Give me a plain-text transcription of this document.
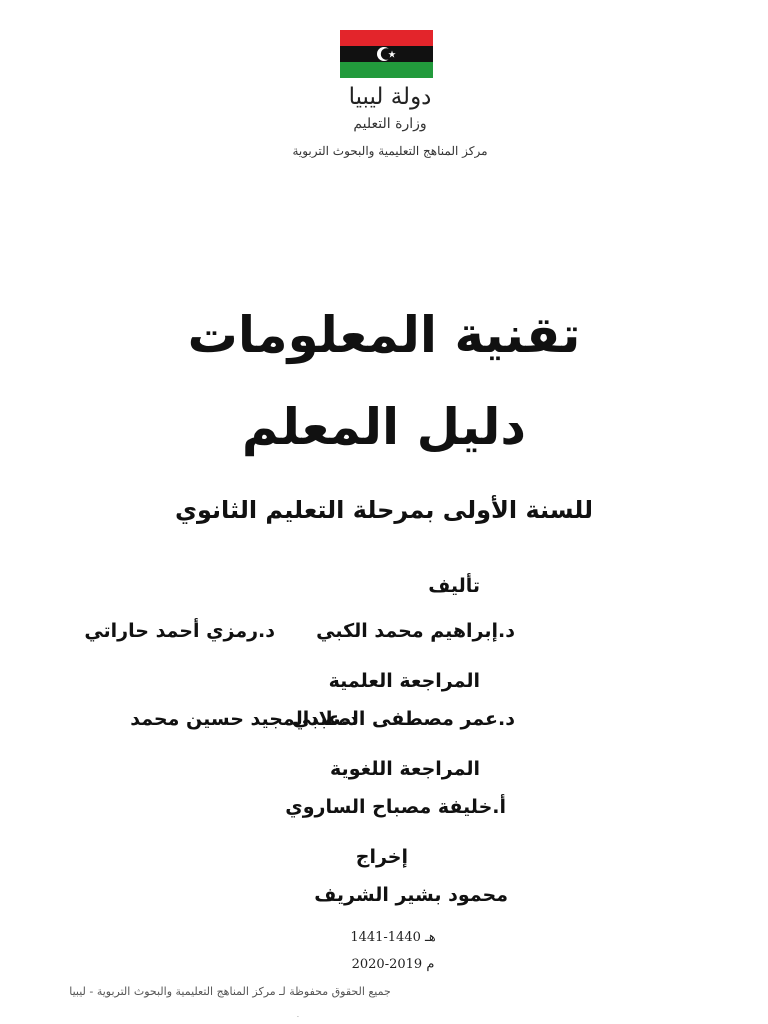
دولة ليبيا
وزارة التعليم
مركز المناهج التعليمية والبحوث التربوية
تقنية المعلومات
دليل المعلم
للسنة الأولى بمرحلة التعليم الثانوي
تأليف
د.إبراهيم محمد الكبي
د.رمزي أحمد حاراتي
المراجعة العلمية
د.عمر مصطفى الصلابي
د.عبدالمجيد حسين محمد
المراجعة اللغوية
أ.خليفة مصباح الساروي
إخراج
محمود بشير الشريف
1441-1440 هـ
2020-2019 م
جميع الحقوق محفوظة لـ مركز المناهج التعليمية والبحوث التربوية - ليبيا
.
